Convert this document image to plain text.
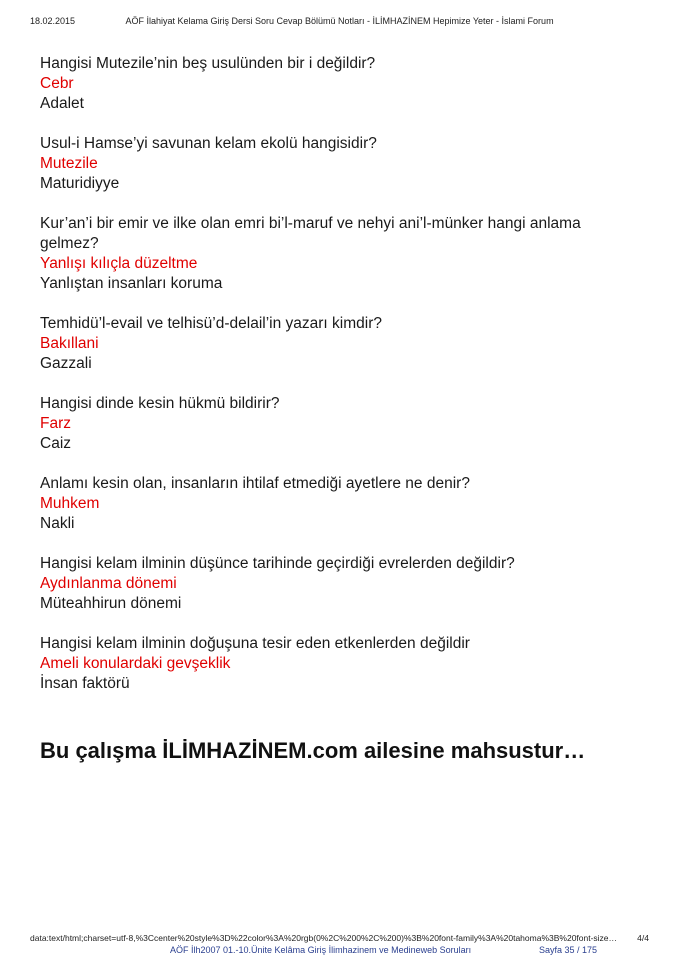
18.02.2015	AÖF İlahiyat Kelama Giriş Dersi Soru Cevap Bölümü Notları - İLİMHAZİNEM Hepimize Yeter - İslami Forum
Hangisi Mutezile’nin beş usulünden bir i değildir?
Cebr
Adalet
Usul-i Hamse’yi savunan kelam ekolü hangisidir?
Mutezile
Maturidiyye
Kur’an’i bir emir ve ilke olan emri bi’l-maruf ve nehyi ani’l-münker hangi anlama gelmez?
Yanlışı kılıçla düzeltme
Yanlıştan insanları koruma
Temhidü’l-evail ve telhisü’d-delail’in yazarı kimdir?
Bakıllani
Gazzali
Hangisi dinde kesin hükmü bildirir?
Farz
Caiz
Anlamı kesin olan, insanların ihtilaf etmediği ayetlere ne denir?
Muhkem
Nakli
Hangisi kelam ilminin düşünce tarihinde geçirdiği evrelerden değildir?
Aydınlanma dönemi
Müteahhirun dönemi
Hangisi kelam ilminin doğuşuna tesir eden etkenlerden değildir
Ameli konulardaki gevşeklik
İnsan faktörü
Bu çalışma İLİMHAZİNEM.com ailesine mahsustur…
data:text/html;charset=utf-8,%3Ccenter%20style%3D%22color%3A%20rgb(0%2C%200%2C%200)%3B%20font-family%3A%20tahoma%3B%20font-size…	4/4
AÖF İlh2007 01.-10.Ünite Kelâma Giriş İlimhazinem ve Medineweb Soruları	Sayfa 35 / 175
